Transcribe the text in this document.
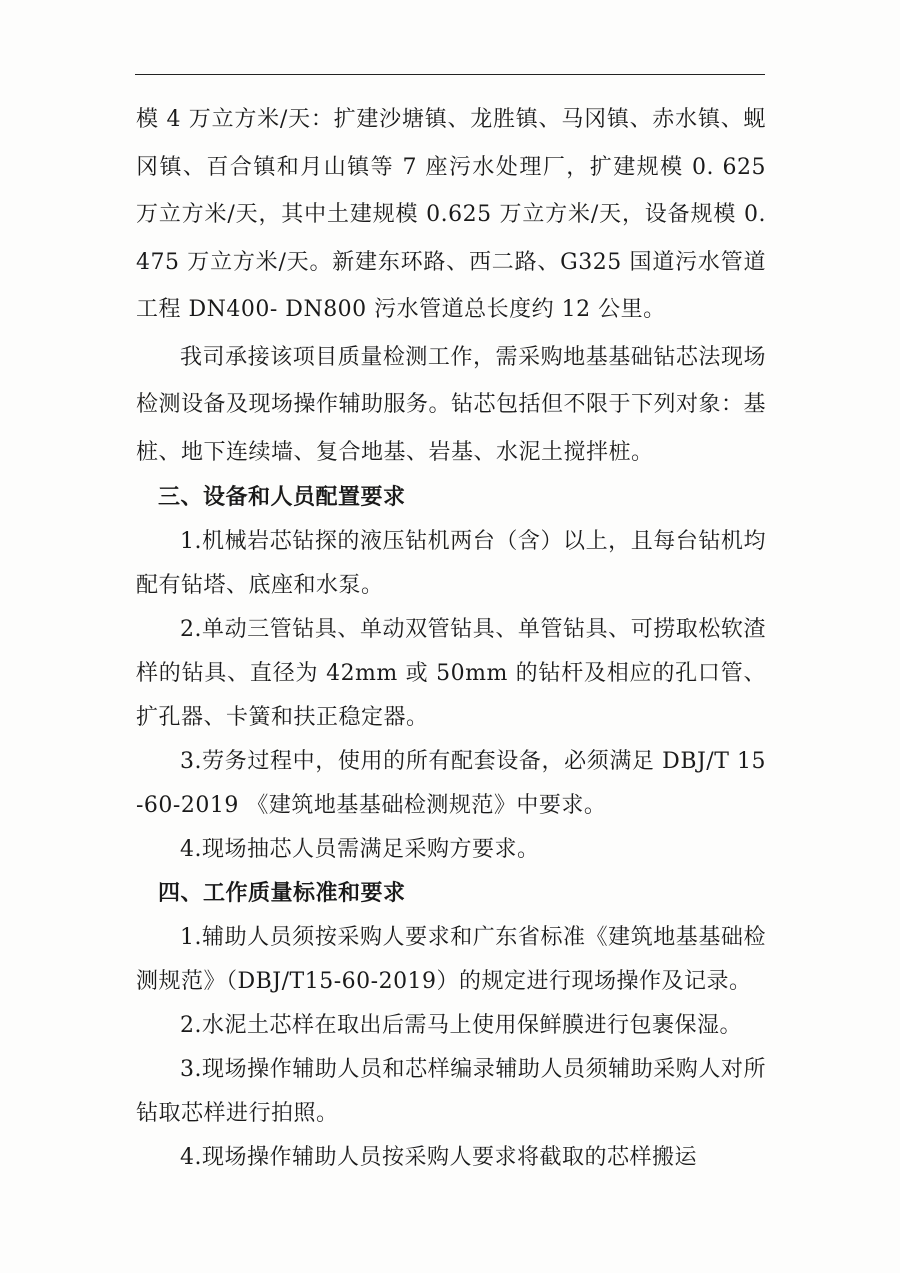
模 4 万立方米/天：扩建沙塘镇、龙胜镇、马冈镇、赤水镇、蚬冈镇、百合镇和月山镇等 7 座污水处理厂，扩建规模 0. 625 万立方米/天，其中土建规模 0.625 万立方米/天，设备规模 0. 475 万立方米/天。新建东环路、西二路、G325 国道污水管道工程 DN400- DN800 污水管道总长度约 12 公里。

我司承接该项目质量检测工作，需采购地基基础钻芯法现场检测设备及现场操作辅助服务。钻芯包括但不限于下列对象：基桩、地下连续墙、复合地基、岩基、水泥土搅拌桩。

三、设备和人员配置要求

1.机械岩芯钻探的液压钻机两台（含）以上，且每台钻机均配有钻塔、底座和水泵。

2.单动三管钻具、单动双管钻具、单管钻具、可捞取松软渣样的钻具、直径为 42mm 或 50mm 的钻杆及相应的孔口管、扩孔器、卡簧和扶正稳定器。

3.劳务过程中，使用的所有配套设备，必须满足 DBJ/T 15-60-2019 《建筑地基基础检测规范》中要求。

4.现场抽芯人员需满足采购方要求。

四、工作质量标准和要求

1.辅助人员须按采购人要求和广东省标准《建筑地基基础检测规范》（DBJ/T15-60-2019）的规定进行现场操作及记录。

2.水泥土芯样在取出后需马上使用保鲜膜进行包裹保湿。

3.现场操作辅助人员和芯样编录辅助人员须辅助采购人对所钻取芯样进行拍照。

4.现场操作辅助人员按采购人要求将截取的芯样搬运
